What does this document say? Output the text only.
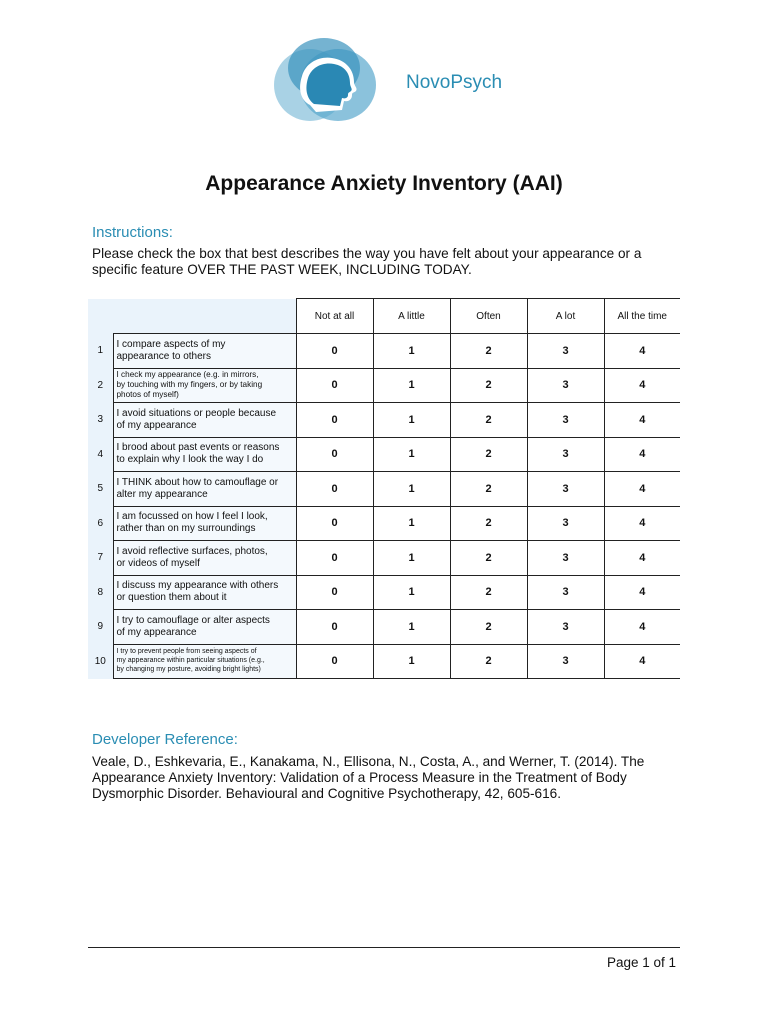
NovoPsych
Appearance Anxiety Inventory (AAI)
Instructions:
Please check the box that best describes the way you have felt about your appearance or a
specific feature OVER THE PAST WEEK, INCLUDING TODAY.
		Not at all	A little	Often	A lot	All the time
1	I compare aspects of my
appearance to others	0	1	2	3	4
2	I check my appearance (e.g. in mirrors,
by touching with my fingers, or by taking
photos of myself)	0	1	2	3	4
3	I avoid situations or people because
of my appearance	0	1	2	3	4
4	I brood about past events or reasons
to explain why I look the way I do	0	1	2	3	4
5	I THINK about how to camouflage or
alter my appearance	0	1	2	3	4
6	I am focussed on how I feel I look,
rather than on my surroundings	0	1	2	3	4
7	I avoid reflective surfaces, photos,
or videos of myself	0	1	2	3	4
8	I discuss my appearance with others
or question them about it	0	1	2	3	4
9	I try to camouflage or alter aspects
of my appearance	0	1	2	3	4
10	I try to prevent people from seeing aspects of
my appearance within particular situations (e.g.,
by changing my posture, avoiding bright lights)	0	1	2	3	4
Developer Reference:
Veale, D., Eshkevaria, E., Kanakama, N., Ellisona, N., Costa, A., and Werner, T. (2014). The
Appearance Anxiety Inventory: Validation of a Process Measure in the Treatment of Body
Dysmorphic Disorder. Behavioural and Cognitive Psychotherapy, 42, 605-616.
Page 1 of 1
